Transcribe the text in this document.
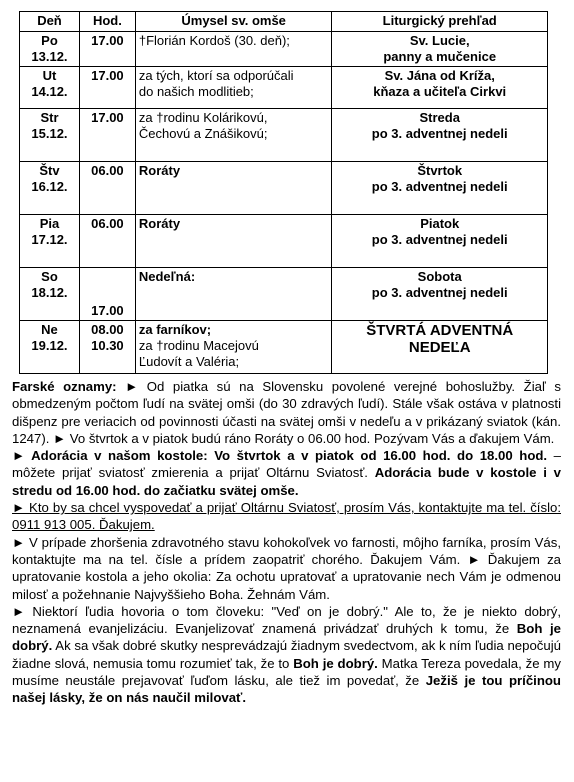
Deň	Hod.	Úmysel sv. omše	Liturgický prehľad
Po
13.12.	17.00	†Florián Kordoš (30. deň);	Sv. Lucie,
panny a mučenice
Ut
14.12.	17.00	za tých, ktorí sa odporúčali
do našich modlitieb;	Sv. Jána od Kríža,
kňaza a učiteľa Cirkvi
Str
15.12.	17.00	za †rodinu Kolárikovú,
Čechovú a Znášikovú;	Streda
po 3. adventnej nedeli
Štv
16.12.	06.00	Roráty	Štvrtok
po 3. adventnej nedeli
Pia
17.12.	06.00	Roráty	Piatok
po 3. adventnej nedeli
So
18.12.	17.00	Nedeľná:	Sobota
po 3. adventnej nedeli
Ne
19.12.	08.00
10.30	za farníkov;
za †rodinu Macejovú
Ľudovít a Valéria;	ŠTVRTÁ ADVENTNÁ
NEDEĽA

Farské oznamy: ► Od piatka sú na Slovensku povolené verejné bohoslužby. Žiaľ s obmedzeným počtom ľudí na svätej omši (do 30 zdravých ľudí). Stále však ostáva v platnosti dišpenz pre veriacich od povinnosti účasti na svätej omši v nedeľu a v prikázaný sviatok (kán. 1247). ► Vo štvrtok a v piatok budú ráno Roráty o 06.00 hod. Pozývam Vás a ďakujem Vám.

► Adorácia v našom kostole: Vo štvrtok a v piatok od 16.00 hod. do 18.00 hod. – môžete prijať sviatosť zmierenia a prijať Oltárnu Sviatosť. Adorácia bude v kostole i v stredu od 16.00 hod. do začiatku svätej omše.

► Kto by sa chcel vyspovedať a prijať Oltárnu Sviatosť, prosím Vás, kontaktujte ma tel. číslo: 0911 913 005. Ďakujem.

► V prípade zhoršenia zdravotného stavu kohokoľvek vo farnosti, môjho farníka, prosím Vás, kontaktujte ma na tel. čísle a prídem zaopatriť chorého. Ďakujem Vám. ► Ďakujem za upratovanie kostola a jeho okolia: Za ochotu upratovať a upratovanie nech Vám je odmenou milosť a požehnanie Najvyššieho Boha. Žehnám Vám.

► Niektorí ľudia hovoria o tom človeku: "Veď on je dobrý." Ale to, že je niekto dobrý, neznamená evanjelizáciu. Evanjelizovať znamená privádzať druhých k tomu, že Boh je dobrý. Ak sa však dobré skutky nesprevádzajú žiadnym svedectvom, ak k ním ľudia nepočujú žiadne slová, nemusia tomu rozumieť tak, že to Boh je dobrý. Matka Tereza povedala, že my musíme neustále prejavovať ľuďom lásku, ale tiež im povedať, že Ježiš je tou príčinou našej lásky, že on nás naučil milovať.
